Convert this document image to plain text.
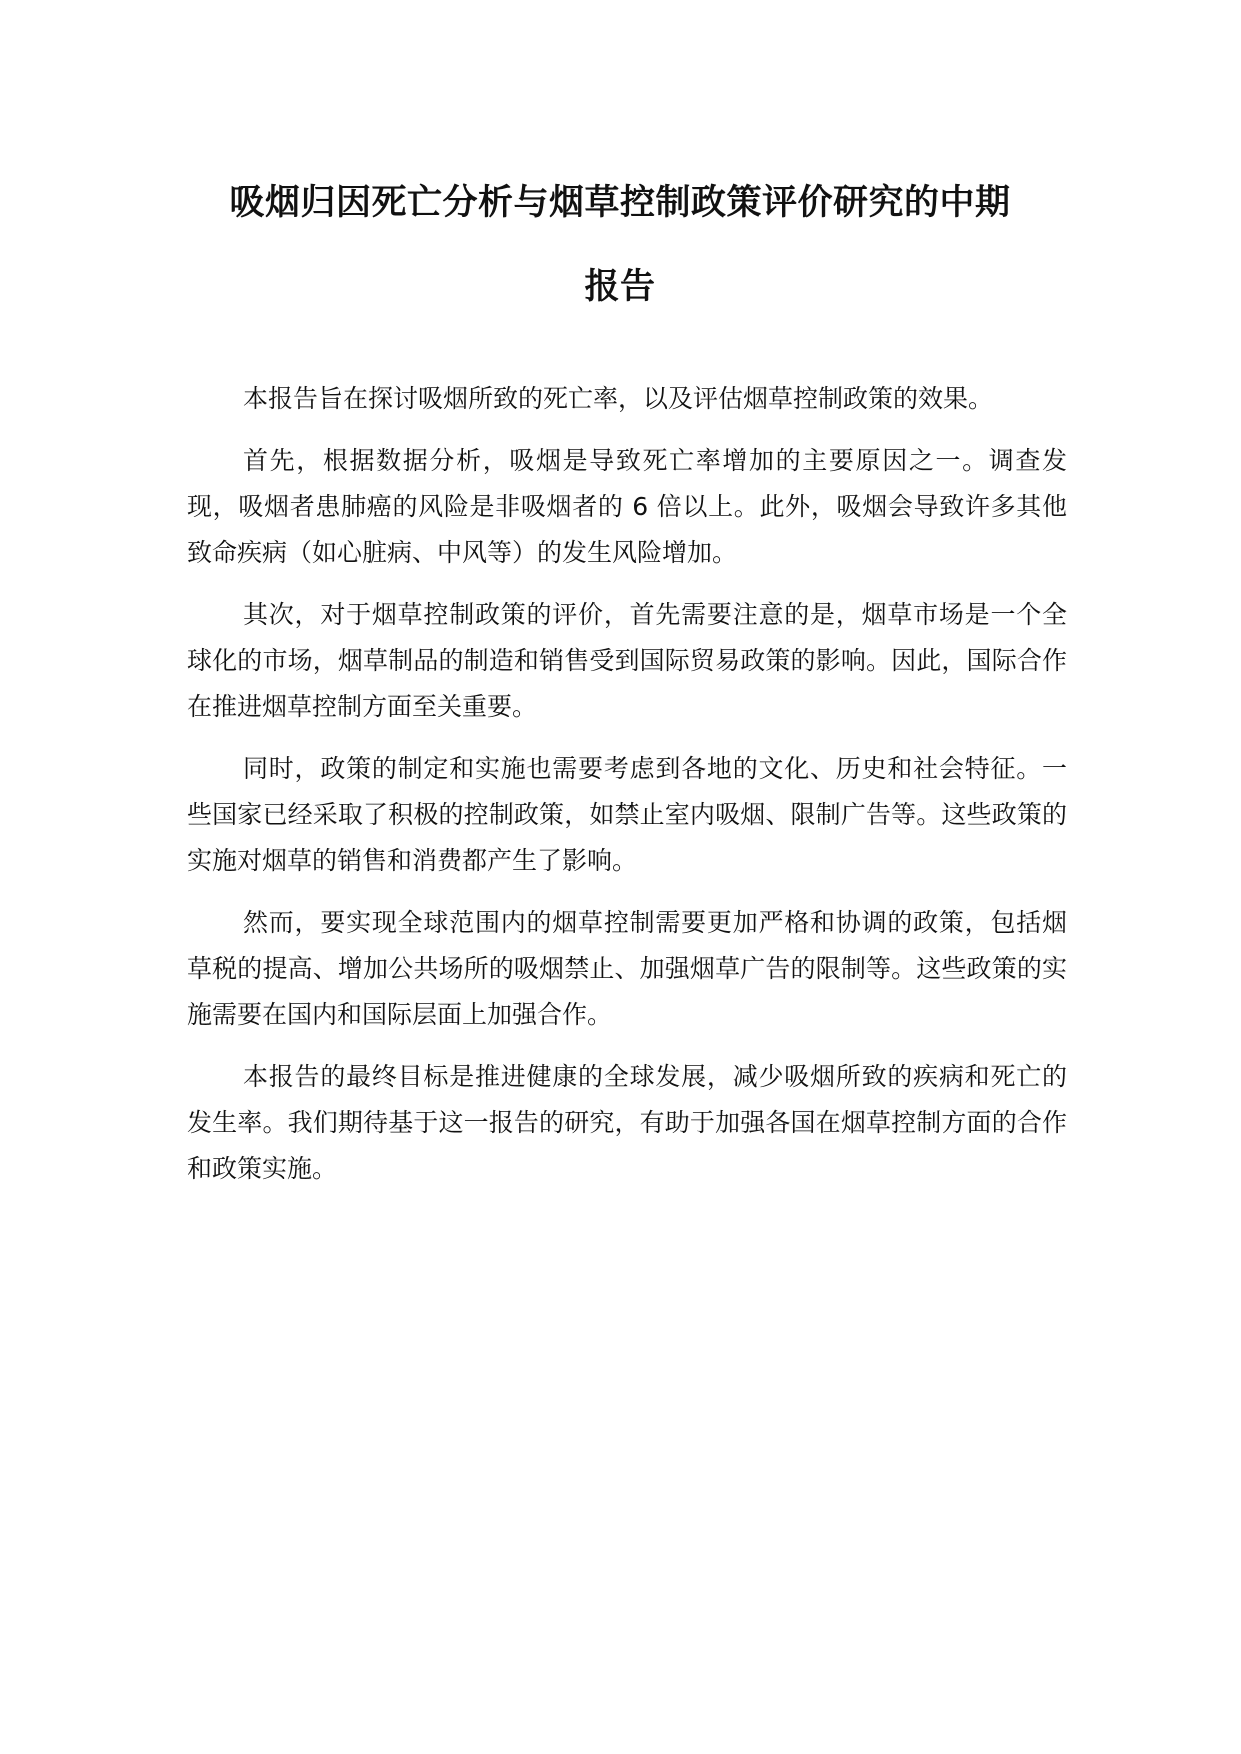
吸烟归因死亡分析与烟草控制政策评价研究的中期
报告

本报告旨在探讨吸烟所致的死亡率，以及评估烟草控制政策的效果。

首先，根据数据分析，吸烟是导致死亡率增加的主要原因之一。调查发现，吸烟者患肺癌的风险是非吸烟者的 6 倍以上。此外，吸烟会导致许多其他致命疾病（如心脏病、中风等）的发生风险增加。

其次，对于烟草控制政策的评价，首先需要注意的是，烟草市场是一个全球化的市场，烟草制品的制造和销售受到国际贸易政策的影响。因此，国际合作在推进烟草控制方面至关重要。

同时，政策的制定和实施也需要考虑到各地的文化、历史和社会特征。一些国家已经采取了积极的控制政策，如禁止室内吸烟、限制广告等。这些政策的实施对烟草的销售和消费都产生了影响。

然而，要实现全球范围内的烟草控制需要更加严格和协调的政策，包括烟草税的提高、增加公共场所的吸烟禁止、加强烟草广告的限制等。这些政策的实施需要在国内和国际层面上加强合作。

本报告的最终目标是推进健康的全球发展，减少吸烟所致的疾病和死亡的发生率。我们期待基于这一报告的研究，有助于加强各国在烟草控制方面的合作和政策实施。
